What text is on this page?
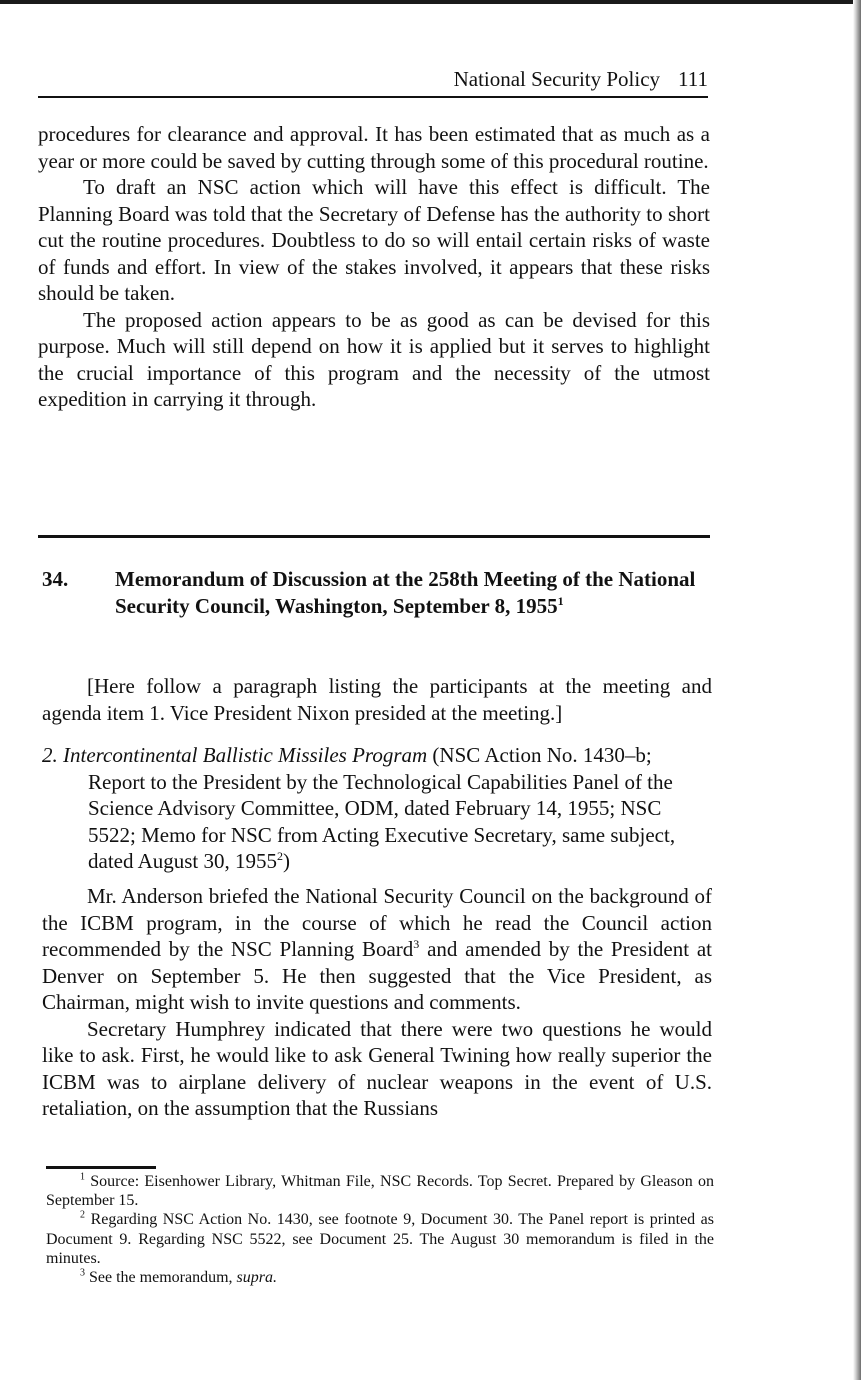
National Security Policy 111

procedures for clearance and approval. It has been estimated that as much as a year or more could be saved by cutting through some of this procedural routine.

To draft an NSC action which will have this effect is difficult. The Planning Board was told that the Secretary of Defense has the authority to short cut the routine procedures. Doubtless to do so will entail certain risks of waste of funds and effort. In view of the stakes involved, it appears that these risks should be taken.

The proposed action appears to be as good as can be devised for this purpose. Much will still depend on how it is applied but it serves to highlight the crucial importance of this program and the necessity of the utmost expedition in carrying it through.

34. Memorandum of Discussion at the 258th Meeting of the National Security Council, Washington, September 8, 1955$^1$

[Here follow a paragraph listing the participants at the meeting and agenda item 1. Vice President Nixon presided at the meeting.]

2. Intercontinental Ballistic Missiles Program (NSC Action No. 1430–b; Report to the President by the Technological Capabilities Panel of the Science Advisory Committee, ODM, dated February 14, 1955; NSC 5522; Memo for NSC from Acting Executive Secretary, same subject, dated August 30, 1955$^2$)

Mr. Anderson briefed the National Security Council on the background of the ICBM program, in the course of which he read the Council action recommended by the NSC Planning Board$^3$ and amended by the President at Denver on September 5. He then suggested that the Vice President, as Chairman, might wish to invite questions and comments.

Secretary Humphrey indicated that there were two questions he would like to ask. First, he would like to ask General Twining how really superior the ICBM was to airplane delivery of nuclear weapons in the event of U.S. retaliation, on the assumption that the Russians

$^1$ Source: Eisenhower Library, Whitman File, NSC Records. Top Secret. Prepared by Gleason on September 15.

$^2$ Regarding NSC Action No. 1430, see footnote 9, Document 30. The Panel report is printed as Document 9. Regarding NSC 5522, see Document 25. The August 30 memorandum is filed in the minutes.

$^3$ See the memorandum, supra.
